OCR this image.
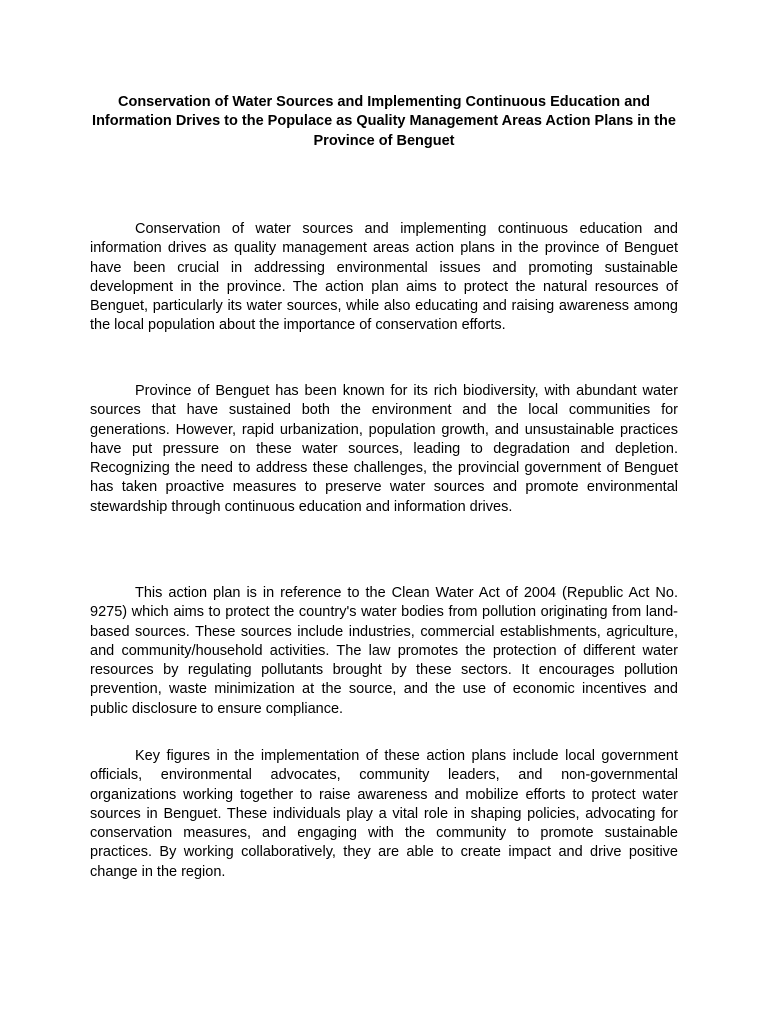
Conservation of Water Sources and Implementing Continuous Education and Information Drives to the Populace as Quality Management Areas Action Plans in the Province of Benguet

Conservation of water sources and implementing continuous education and information drives as quality management areas action plans in the province of Benguet have been crucial in addressing environmental issues and promoting sustainable development in the province. The action plan aims to protect the natural resources of Benguet, particularly its water sources, while also educating and raising awareness among the local population about the importance of conservation efforts.

Province of Benguet has been known for its rich biodiversity, with abundant water sources that have sustained both the environment and the local communities for generations. However, rapid urbanization, population growth, and unsustainable practices have put pressure on these water sources, leading to degradation and depletion. Recognizing the need to address these challenges, the provincial government of Benguet has taken proactive measures to preserve water sources and promote environmental stewardship through continuous education and information drives.

This action plan is in reference to the Clean Water Act of 2004 (Republic Act No. 9275) which aims to protect the country's water bodies from pollution originating from land-based sources. These sources include industries, commercial establishments, agriculture, and community/household activities. The law promotes the protection of different water resources by regulating pollutants brought by these sectors. It encourages pollution prevention, waste minimization at the source, and the use of economic incentives and public disclosure to ensure compliance.

Key figures in the implementation of these action plans include local government officials, environmental advocates, community leaders, and non-governmental organizations working together to raise awareness and mobilize efforts to protect water sources in Benguet. These individuals play a vital role in shaping policies, advocating for conservation measures, and engaging with the community to promote sustainable practices. By working collaboratively, they are able to create impact and drive positive change in the region.
